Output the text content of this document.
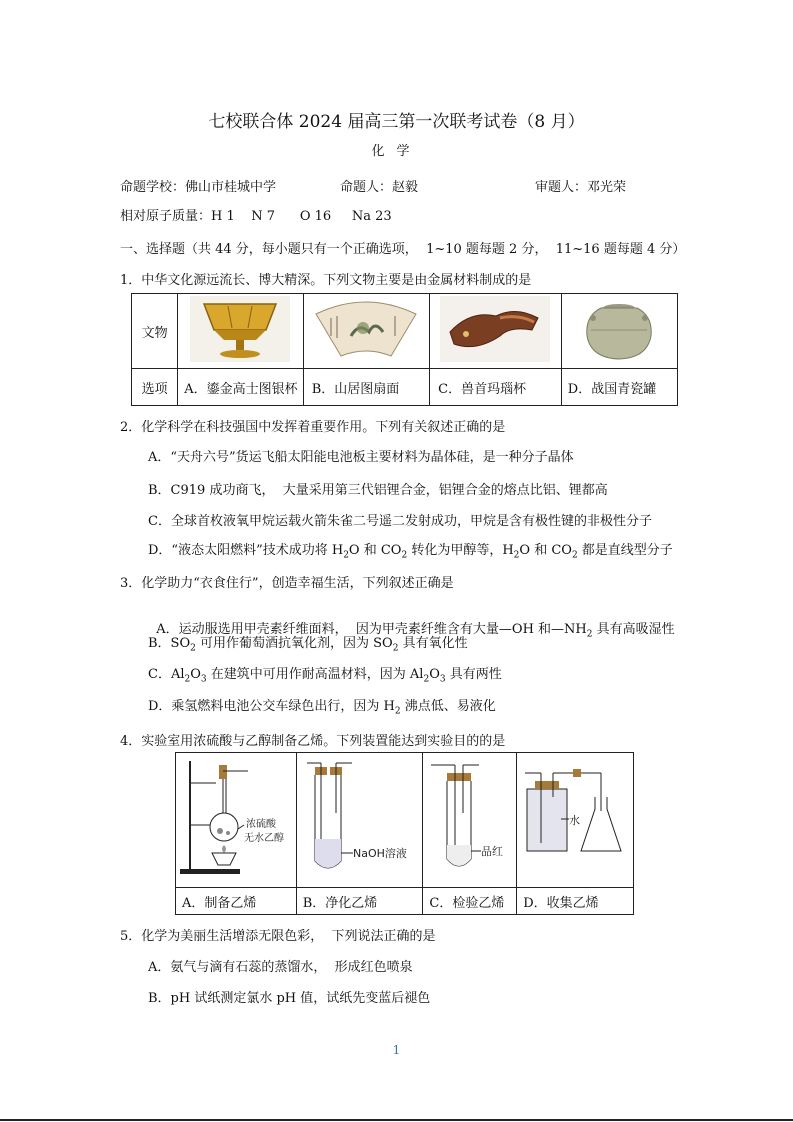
七校联合体 2024 届高三第一次联考试卷（8 月）
化学
命题学校：佛山市桂城中学	命题人：赵毅	审题人：邓光荣
相对原子质量：H 1    N 7      O 16     Na 23
一、选择题（共 44 分，每小题只有一个正确选项，  1~10 题每题 2 分，  11~16 题每题 4 分）
1．中华文化源远流长、博大精深。下列文物主要是由金属材料制成的是
文物				
选项	A．鎏金高士图银杯	B．山居图扇面	C．兽首玛瑙杯	D．战国青瓷罐
2．化学科学在科技强国中发挥着重要作用。下列有关叙述正确的是
A．“天舟六号”货运飞船太阳能电池板主要材料为晶体硅，是一种分子晶体
B．C919 成功商飞，  大量采用第三代铝锂合金，铝锂合金的熔点比铝、锂都高
C．全球首枚液氧甲烷运载火箭朱雀二号遥二发射成功，甲烷是含有极性键的非极性分子
D．“液态太阳燃料”技术成功将 $H_2O$ 和 $CO_2$ 转化为甲醇等，$H_2O$ 和 $CO_2$ 都是直线型分子
3．化学助力“衣食住行”，创造幸福生活，下列叙述正确是

A．运动服选用甲壳素纤维面料，  因为甲壳素纤维含有大量—OH 和$—NH_2$ 具有高吸湿性

B．$SO_2$ 可用作葡萄酒抗氧化剂，因为 $SO_2$ 具有氧化性
C．$Al_2O_3$ 在建筑中可用作耐高温材料，因为 $Al_2O_3$ 具有两性
D．乘氢燃料电池公交车绿色出行，因为 $H_2$ 沸点低、易液化
4．实验室用浓硫酸与乙醇制备乙烯。下列装置能达到实验目的的是
浓硫酸
无水乙醇	NaOH溶液	品红	水

A．制备乙烯	B．净化乙烯	C．检验乙烯	D．收集乙烯
5．化学为美丽生活增添无限色彩，  下列说法正确的是
A．氨气与滴有石蕊的蒸馏水，  形成红色喷泉
B．pH 试纸测定氯水 pH 值，试纸先变蓝后褪色
1
